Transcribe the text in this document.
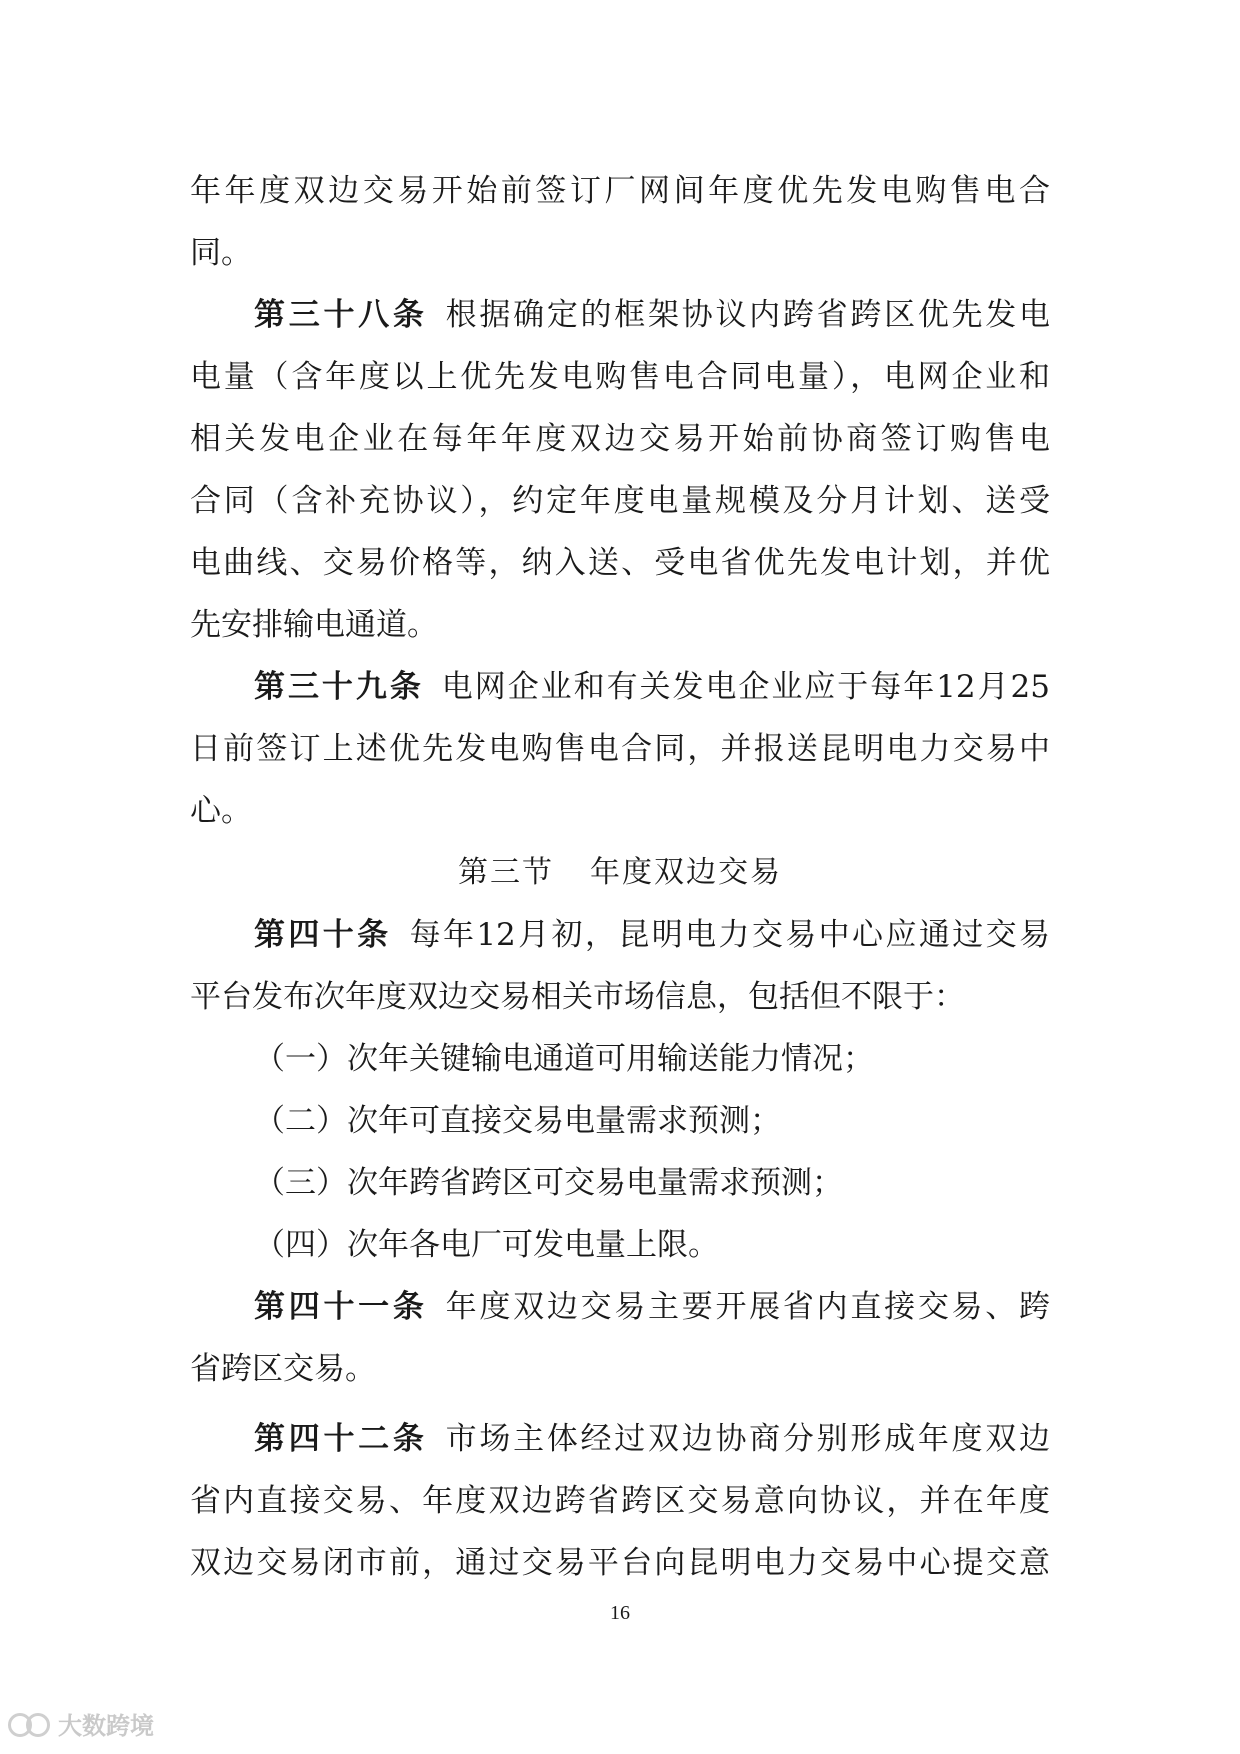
年年度双边交易开始前签订厂网间年度优先发电购售电合
同。
第三十八条 根据确定的框架协议内跨省跨区优先发电
电量（含年度以上优先发电购售电合同电量），电网企业和
相关发电企业在每年年度双边交易开始前协商签订购售电
合同（含补充协议），约定年度电量规模及分月计划、送受
电曲线、交易价格等，纳入送、受电省优先发电计划，并优
先安排输电通道。
第三十九条 电网企业和有关发电企业应于每年12月25
日前签订上述优先发电购售电合同，并报送昆明电力交易中
心。
第三节 年度双边交易
第四十条 每年12月初，昆明电力交易中心应通过交易
平台发布次年度双边交易相关市场信息，包括但不限于：
（一）次年关键输电通道可用输送能力情况；
（二）次年可直接交易电量需求预测；
（三）次年跨省跨区可交易电量需求预测；
（四）次年各电厂可发电量上限。
第四十一条 年度双边交易主要开展省内直接交易、跨
省跨区交易。
第四十二条 市场主体经过双边协商分别形成年度双边
省内直接交易、年度双边跨省跨区交易意向协议，并在年度
双边交易闭市前，通过交易平台向昆明电力交易中心提交意
16
大数跨境
